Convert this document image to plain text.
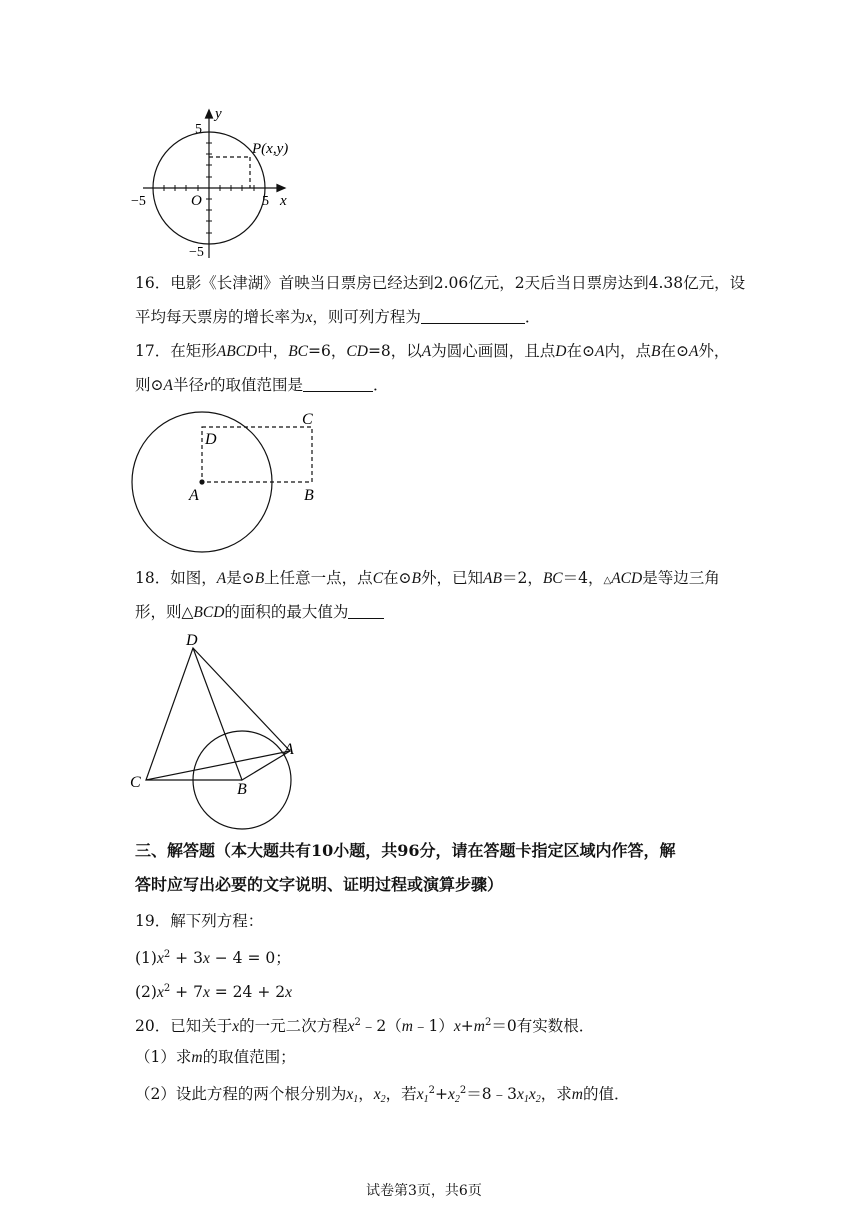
y
x
5
−5	5
O
−5
P(x,y)
16．电影《长津湖》首映当日票房已经达到2.06亿元，2天后当日票房达到4.38亿元，设
平均每天票房的增长率为x，则可列方程为	．
17．在矩形ABCD中，BC=6，CD=8，以A为圆心画圆，且点D在⊙A内，点B在⊙A外，
则⊙A半径r的取值范围是	．
A	B
C
D
18．如图，A是⊙B上任意一点，点C在⊙B外，已知AB＝2，BC＝4，△ACD是等边三角
形，则△BCD的面积的最大值为
D
A
C	B
三、解答题（本大题共有10小题，共96分，请在答题卡指定区域内作答，解
答时应写出必要的文字说明、证明过程或演算步骤）
19．解下列方程：
$(1)x^2 + 3x - 4 = 0$；
$(2)x^2 + 7x = 24 + 2x$
20．已知关于x的一元二次方程$x^2﹣2(m﹣1)x+m^2=0$有实数根．
（1）求m的取值范围；
（2）设此方程的两个根分别为$x_1$，$x_2$，若$x_1^2+x_2^2=8﹣3x_1x_2$，求m的值．
试卷第3页，共6页
